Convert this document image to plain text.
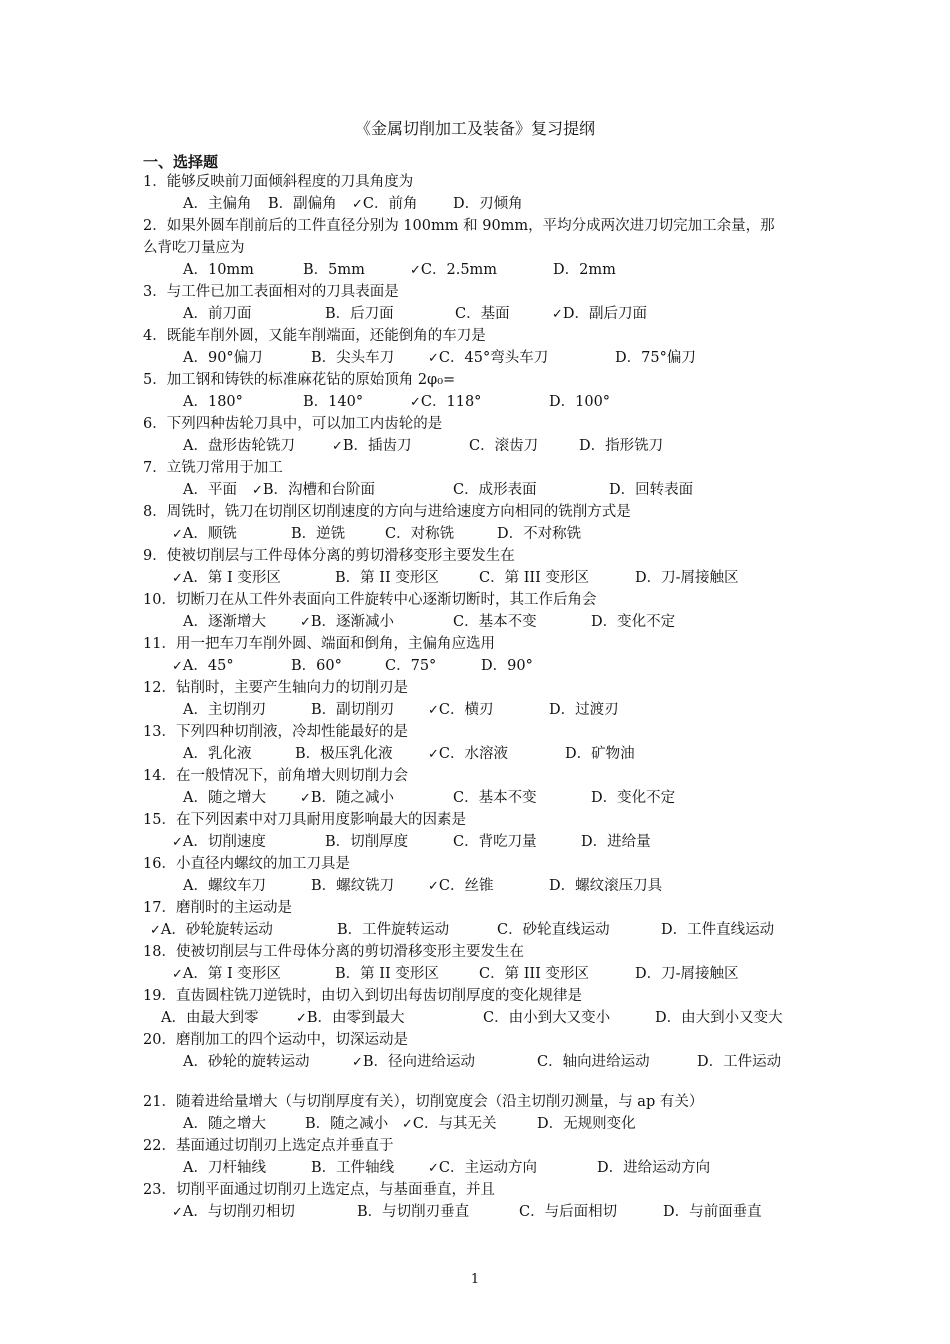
《金属切削加工及装备》复习提纲
一、选择题
1．能够反映前刀面倾斜程度的刀具角度为
A．主偏角 B．副偏角 ✓C．前角 D．刃倾角
2．如果外圆车削前后的工件直径分别为 100mm 和 90mm，平均分成两次进刀切完加工余量，那么背吃刀量应为
A．10mm	B．5mm	✓C．2.5mm	D．2mm
3．与工件已加工表面相对的刀具表面是
A．前刀面	B．后刀面	C．基面	✓D．副后刀面
4．既能车削外圆，又能车削端面，还能倒角的车刀是
A．90°偏刀	B．尖头车刀	✓C．45°弯头车刀	D．75°偏刀
5．加工钢和铸铁的标准麻花钻的原始顶角 2φ₀=
A．180°	B．140°	✓C．118°	D．100°
6．下列四种齿轮刀具中，可以加工内齿轮的是
A．盘形齿轮铣刀	✓B．插齿刀	C．滚齿刀	D．指形铣刀
7．立铣刀常用于加工
A．平面 ✓B．沟槽和台阶面	C．成形表面	D．回转表面
8．周铣时，铣刀在切削区切削速度的方向与进给速度方向相同的铣削方式是
✓A．顺铣	B．逆铣	C．对称铣	D．不对称铣
9．使被切削层与工件母体分离的剪切滑移变形主要发生在
✓A．第 I 变形区	B．第 II 变形区	C．第 III 变形区	D．刀-屑接触区
10．切断刀在从工件外表面向工件旋转中心逐渐切断时，其工作后角会
A．逐渐增大	✓B．逐渐减小	C．基本不变	D．变化不定
11．用一把车刀车削外圆、端面和倒角，主偏角应选用
✓A．45°	B．60°	C．75°	D．90°
12．钻削时，主要产生轴向力的切削刃是
A．主切削刃	B．副切削刃	✓C．横刃	D．过渡刃
13．下列四种切削液，冷却性能最好的是
A．乳化液	B．极压乳化液	✓C．水溶液	D．矿物油
14．在一般情况下，前角增大则切削力会
A．随之增大	✓B．随之减小	C．基本不变	D．变化不定
15．在下列因素中对刀具耐用度影响最大的因素是
✓A．切削速度	B．切削厚度	C．背吃刀量	D．进给量
16．小直径内螺纹的加工刀具是
A．螺纹车刀	B．螺纹铣刀	✓C．丝锥	D．螺纹滚压刀具
17．磨削时的主运动是
✓A．砂轮旋转运动	B．工件旋转运动	C．砂轮直线运动	D．工件直线运动
18．使被切削层与工件母体分离的剪切滑移变形主要发生在
✓A．第 I 变形区	B．第 II 变形区	C．第 III 变形区	D．刀-屑接触区
19．直齿圆柱铣刀逆铣时，由切入到切出每齿切削厚度的变化规律是
A．由最大到零	✓B．由零到最大	C．由小到大又变小	D．由大到小又变大
20．磨削加工的四个运动中，切深运动是
A．砂轮的旋转运动	✓B．径向进给运动	C．轴向进给运动	D．工件运动
21．随着进给量增大（与切削厚度有关），切削宽度会（沿主切削刃测量，与 ap 有关）
A．随之增大	B．随之减小 ✓C．与其无关	D．无规则变化
22．基面通过切削刃上选定点并垂直于
A．刀杆轴线	B．工件轴线	✓C．主运动方向	D．进给运动方向
23．切削平面通过切削刃上选定点，与基面垂直，并且
✓A．与切削刃相切	B．与切削刃垂直	C．与后面相切	D．与前面垂直
1
